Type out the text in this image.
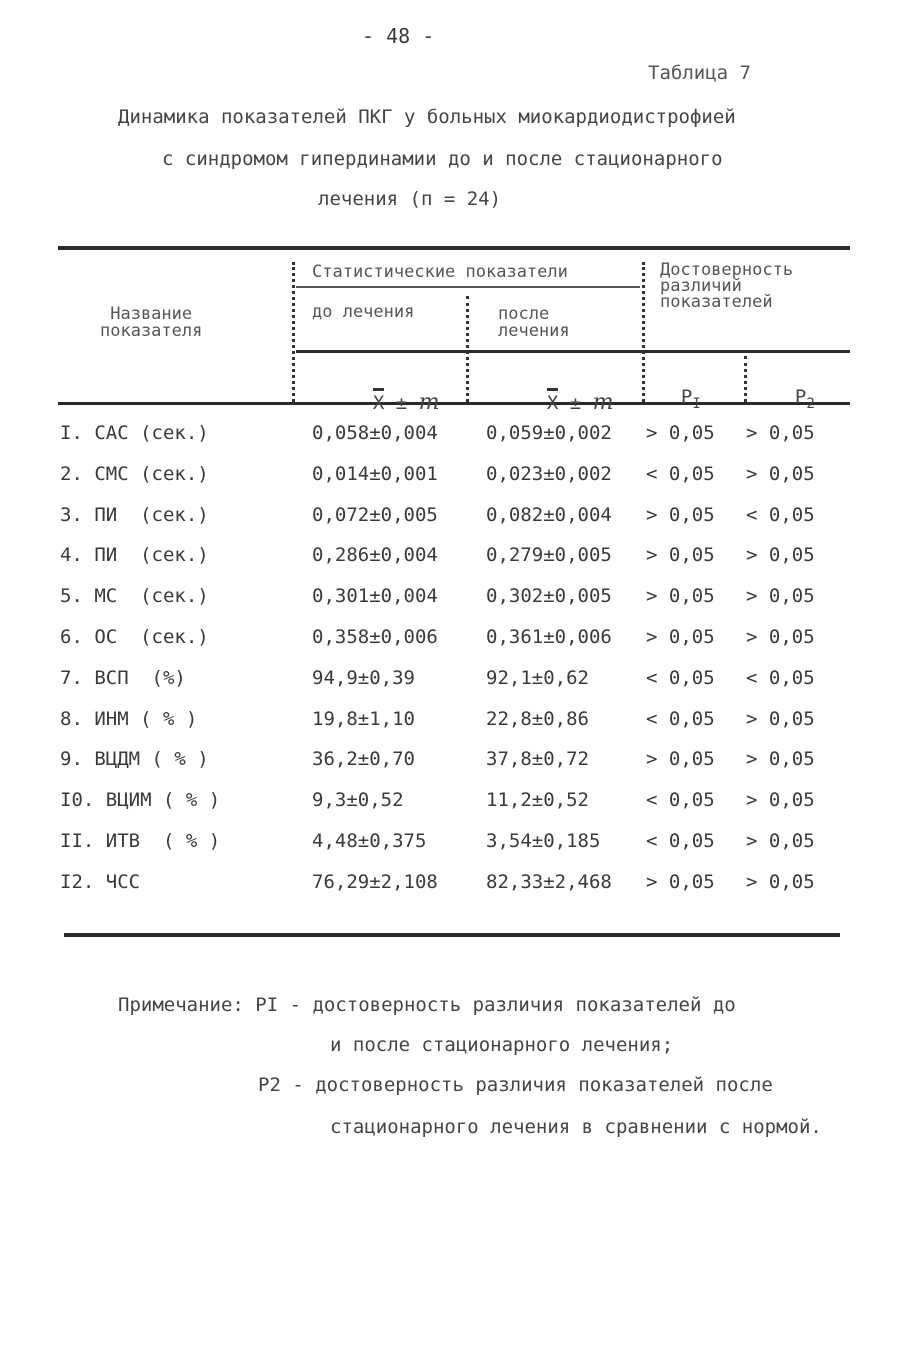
- 48 -
Таблица 7
Динамика показателей ПКГ у больных миокардиодистрофией
с синдромом гипердинамии до и после стационарного
лечения (п = 24)
Название
показателя
Статистические показатели
до лечения	после
лечения
Достоверность
различий
показателей

X ± m	X ± m	$P_I$	$P_2$

I. САС (сек.)	0,058±0,004	0,059±0,002 > 0,05 > 0,05
2. СМС (сек.)	0,014±0,001	0,023±0,002 < 0,05 > 0,05
3. ПИ  (сек.)	0,072±0,005	0,082±0,004 > 0,05 < 0,05
4. ПИ  (сек.)	0,286±0,004	0,279±0,005 > 0,05 > 0,05
5. МС  (сек.)	0,301±0,004	0,302±0,005 > 0,05 > 0,05
6. ОС  (сек.)	0,358±0,006	0,361±0,006 > 0,05 > 0,05
7. ВСП  (%)	94,9±0,39	92,1±0,62	< 0,05 < 0,05
8. ИНМ ( % )	19,8±1,10	22,8±0,86	< 0,05 > 0,05
9. ВЦДМ ( % )	36,2±0,70	37,8±0,72	> 0,05 > 0,05
I0. ВЦИМ ( % )	9,3±0,52	11,2±0,52	< 0,05 > 0,05
II. ИТВ  ( % )	4,48±0,375	3,54±0,185 < 0,05 > 0,05
I2. ЧСС	76,29±2,108	82,33±2,468 > 0,05 > 0,05
Примечание: PI - достоверность различия показателей до
и после стационарного лечения;
P2 - достоверность различия показателей после
стационарного лечения в сравнении с нормой.
